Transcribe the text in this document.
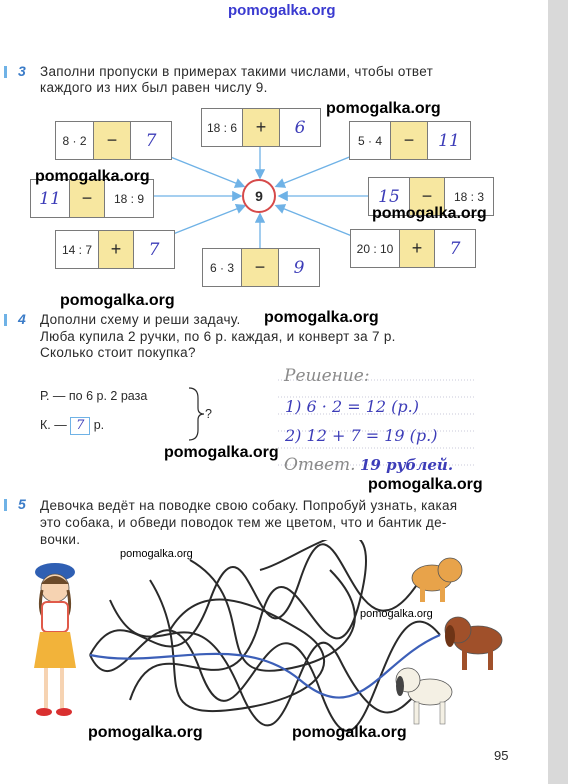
pomogalka.org
3 Заполни пропуски в примерах такими числами, чтобы ответ
каждого из них был равен числу 9.
9
8 · 2	−	7
18 : 6	+	6
5 · 4	−	11
11	−	18 : 9	15	−	18 : 3
14 : 7	+	7
6 · 3	−	9
20 : 10	+	7
pomogalka.org
pomogalka.org
pomogalka.org
pomogalka.org
4 Дополни схему и реши задачу. pomogalka.org
Люба купила 2 ручки, по 6 р. каждая, и конверт за 7 р.
Сколько стоит покупка?
Р. — по 6 р. 2 раза
К. — 7 р.
?
Решение:
1) 6 · 2 = 12 (р.)
2) 12 + 7 = 19 (р.)
Ответ. 19 рублей.
pomogalka.org
pomogalka.org
5 Девочка ведёт на поводке свою собаку. Попробуй узнать, какая
это собака, и обведи поводок тем же цветом, что и бантик де-
вочки.
pomogalka.org
pomogalka.org
pomogalka.org	pomogalka.org
95
